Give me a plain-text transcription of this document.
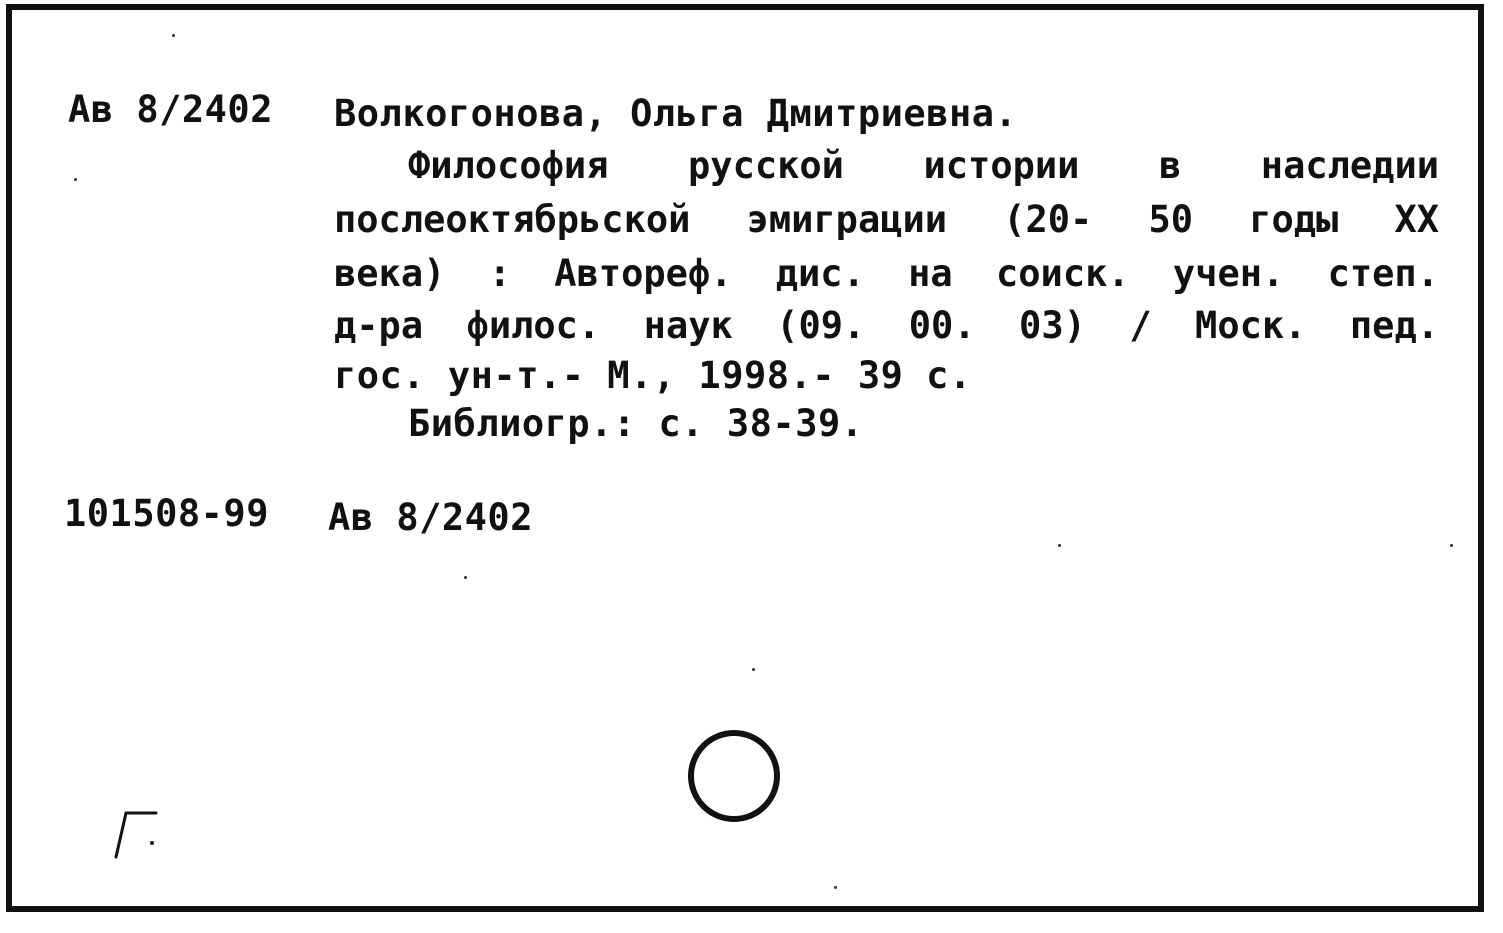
Ав 8/2402 Волкогонова, Ольга Дмитриевна.
Философия русской истории в наследии
послеоктябрьской эмиграции (20- 50 годы XX
века) : Автореф. дис. на соиск. учен. степ.
д-ра филос. наук (09. 00. 03) / Моск. пед.
гос. ун-т.- М., 1998.- 39 с.
Библиогр.: с. 38-39.
101508-99 Ав 8/2402
